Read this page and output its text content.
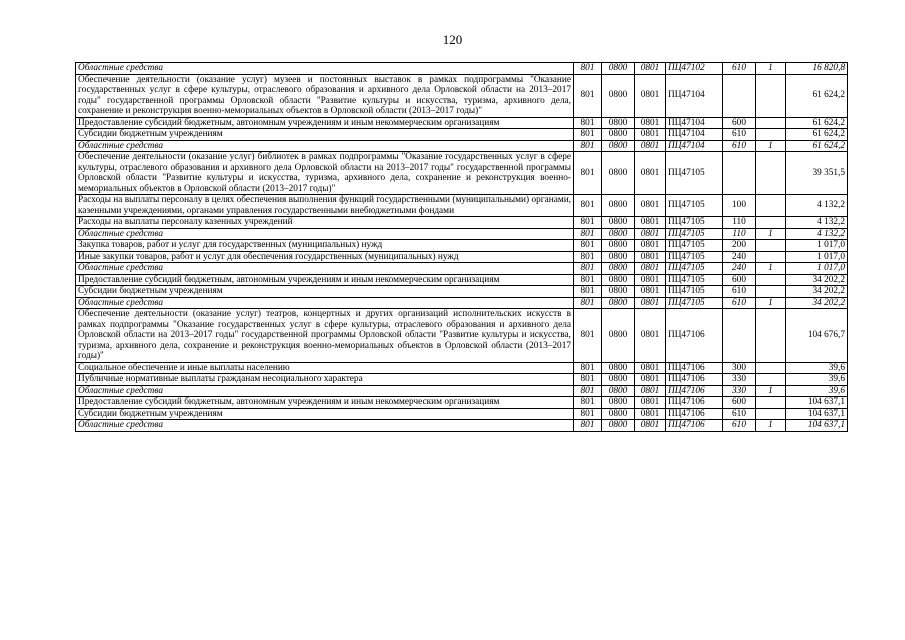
120
Областные средства	801	0800	0801	ПЦ47102	610	1	16 820,8
Обеспечение деятельности (оказание услуг) музеев и постоянных выставок в рамках подпрограммы "Оказание государственных услуг в сфере культуры, отраслевого образования и архивного дела Орловской области на 2013–2017 годы" государственной программы Орловской области "Развитие культуры и искусства, туризма, архивного дела, сохранение и реконструкция военно-мемориальных объектов в Орловской области (2013–2017 годы)"	801	0800	0801	ПЦ47104			61 624,2
Предоставление субсидий бюджетным, автономным учреждениям и иным некоммерческим организациям	801	0800	0801	ПЦ47104	600		61 624,2
Субсидии бюджетным учреждениям	801	0800	0801	ПЦ47104	610		61 624,2
Областные средства	801	0800	0801	ПЦ47104	610	1	61 624,2
Обеспечение деятельности (оказание услуг) библиотек в рамках подпрограммы "Оказание государственных услуг в сфере культуры, отраслевого образования и архивного дела Орловской области на 2013–2017 годы" государственной программы Орловской области "Развитие культуры и искусства, туризма, архивного дела, сохранение и реконструкция военно-мемориальных объектов в Орловской области (2013–2017 годы)"	801	0800	0801	ПЦ47105			39 351,5
Расходы на выплаты персоналу в целях обеспечения выполнения функций государственными (муниципальными) органами, казенными учреждениями, органами управления государственными внебюджетными фондами	801	0800	0801	ПЦ47105	100		4 132,2
Расходы на выплаты персоналу казенных учреждений	801	0800	0801	ПЦ47105	110		4 132,2
Областные средства	801	0800	0801	ПЦ47105	110	1	4 132,2
Закупка товаров, работ и услуг для государственных (муниципальных) нужд	801	0800	0801	ПЦ47105	200		1 017,0
Иные закупки товаров, работ и услуг для обеспечения государственных (муниципальных) нужд	801	0800	0801	ПЦ47105	240		1 017,0
Областные средства	801	0800	0801	ПЦ47105	240	1	1 017,0
Предоставление субсидий бюджетным, автономным учреждениям и иным некоммерческим организациям	801	0800	0801	ПЦ47105	600		34 202,2
Субсидии бюджетным учреждениям	801	0800	0801	ПЦ47105	610		34 202,2
Областные средства	801	0800	0801	ПЦ47105	610	1	34 202,2
Обеспечение деятельности (оказание услуг) театров, концертных и других организаций исполнительских искусств в рамках подпрограммы "Оказание государственных услуг в сфере культуры, отраслевого образования и архивного дела Орловской области на 2013–2017 годы" государственной программы Орловской области "Развитие культуры и искусства, туризма, архивного дела, сохранение и реконструкция военно-мемориальных объектов в Орловской области (2013–2017 годы)"	801	0800	0801	ПЦ47106			104 676,7
Социальное обеспечение и иные выплаты населению	801	0800	0801	ПЦ47106	300		39,6
Публичные нормативные выплаты гражданам несоциального характера	801	0800	0801	ПЦ47106	330		39,6
Областные средства	801	0800	0801	ПЦ47106	330	1	39,6
Предоставление субсидий бюджетным, автономным учреждениям и иным некоммерческим организациям	801	0800	0801	ПЦ47106	600		104 637,1
Субсидии бюджетным учреждениям	801	0800	0801	ПЦ47106	610		104 637,1
Областные средства	801	0800	0801	ПЦ47106	610	1	104 637,1
